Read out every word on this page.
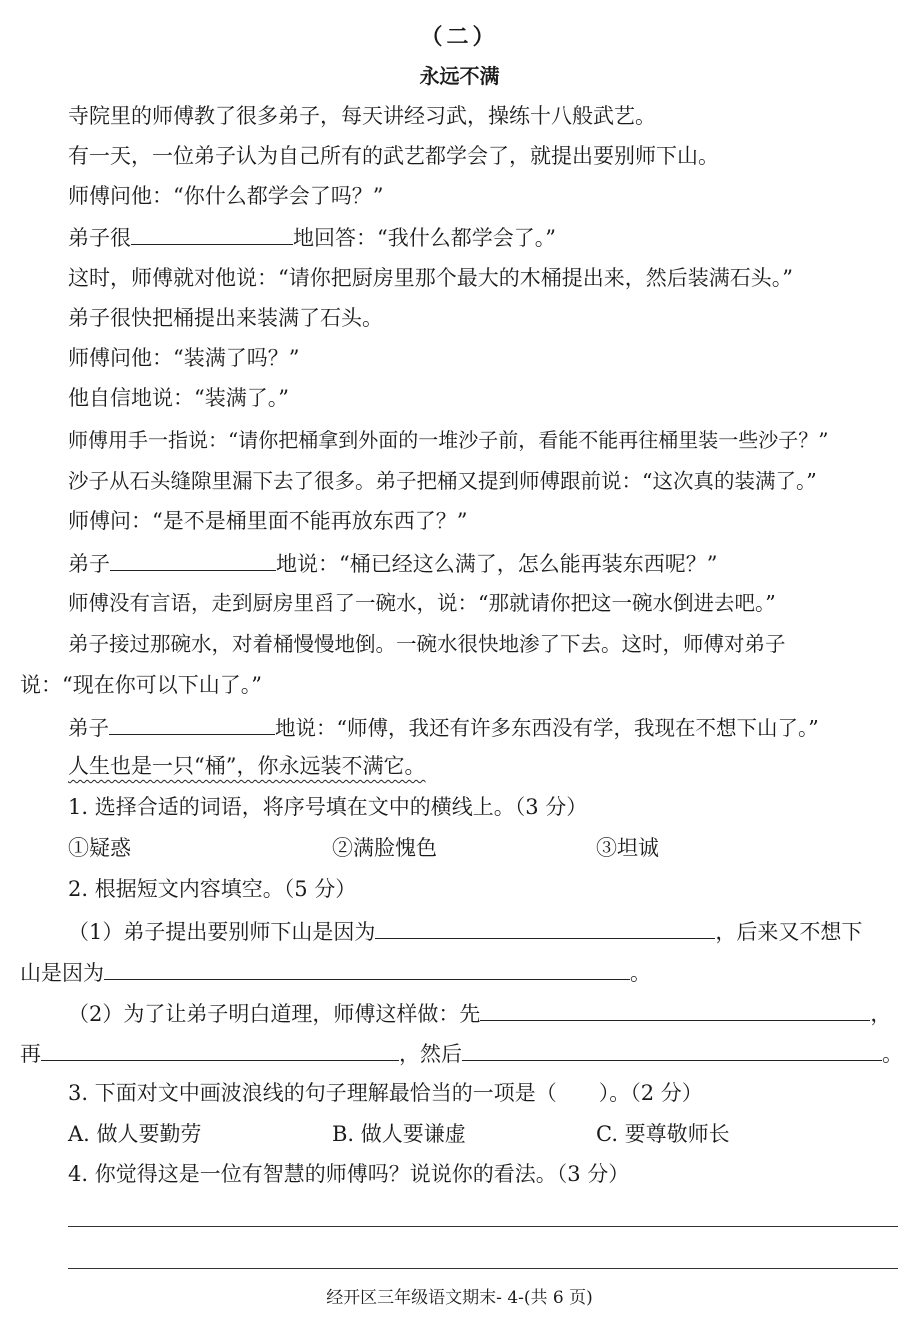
（二）
永远不满
寺院里的师傅教了很多弟子，每天讲经习武，操练十八般武艺。
有一天，一位弟子认为自己所有的武艺都学会了，就提出要别师下山。
师傅问他：“你什么都学会了吗？”
弟子很	地回答：“我什么都学会了。”
这时，师傅就对他说：“请你把厨房里那个最大的木桶提出来，然后装满石头。”
弟子很快把桶提出来装满了石头。
师傅问他：“装满了吗？”
他自信地说：“装满了。”
师傅用手一指说：“请你把桶拿到外面的一堆沙子前，看能不能再往桶里装一些沙子？”
沙子从石头缝隙里漏下去了很多。弟子把桶又提到师傅跟前说：“这次真的装满了。”
师傅问：“是不是桶里面不能再放东西了？”
弟子	地说：“桶已经这么满了，怎么能再装东西呢？”
师傅没有言语，走到厨房里舀了一碗水，说：“那就请你把这一碗水倒进去吧。”
弟子接过那碗水，对着桶慢慢地倒。一碗水很快地渗了下去。这时，师傅对弟子
说：“现在你可以下山了。”
弟子	地说：“师傅，我还有许多东西没有学，我现在不想下山了。”
人生也是一只“桶”，你永远装不满它。
1. 选择合适的词语，将序号填在文中的横线上。（3 分）
①疑惑	②满脸愧色	③坦诚
2. 根据短文内容填空。（5 分）
（1）弟子提出要别师下山是因为	，后来又不想下
山是因为	。
（2）为了让弟子明白道理，师傅这样做：先	，
再	，然后	。
3. 下面对文中画波浪线的句子理解最恰当的一项是（　　）。（2 分）
A. 做人要勤劳	B. 做人要谦虚	C. 要尊敬师长
4. 你觉得这是一位有智慧的师傅吗？说说你的看法。（3 分）
经开区三年级语文期末- 4-(共 6 页)
